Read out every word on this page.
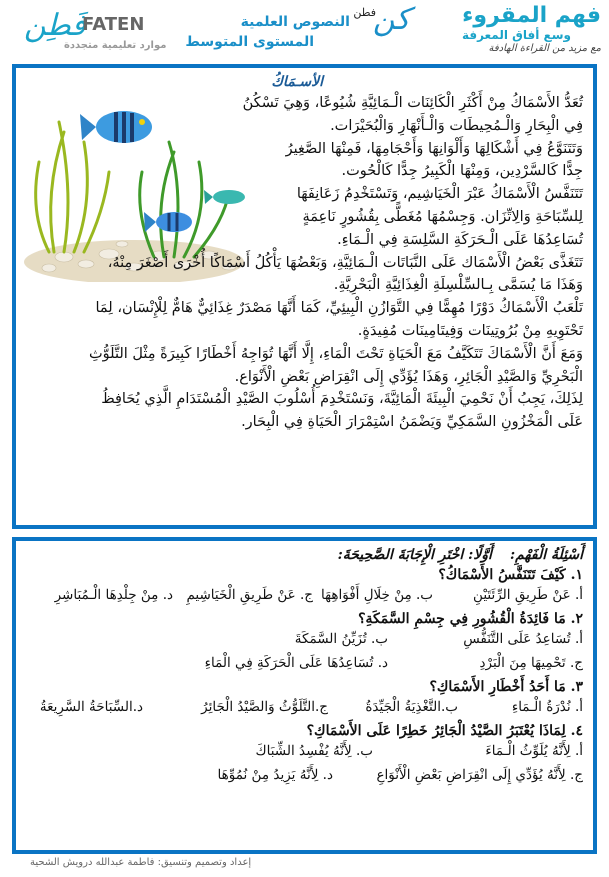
فهم المقروء
وسع أفاق المعرفة
مع مزيد من القراءة الهادفة
كن
فطن
النصوص العلمية
المستوى المتوسط
فَطِن
FATEN
موارد تعليمية متجددة
الأسـمَاكُ
تُعَدُّ الأَسْمَاكُ مِنْ أَكْثَرِ الْكَائِنَات الْـمَائِيَّةِ شُيُوعًا، وَهِيَ تَسْكُنُ
فِي الْبِحَارِ وَالْـمُحِيطَات وَالْـأَنْهَارِ وَالْبُحَيْرَات.
وَتَتَنَوَّعُ فِي أَشْكَالِهَا وَأَلْوَانِهَا وَأَحْجَامِهَا، فَمِنْهَا الصَّغِيرُ
جِدًّا كَالسَّرْدِين، وَمِنْهَا الْكَبِيرُ جِدًّا كَالْحُوت.
تَتَنَفَّسُ الْأَسْمَاكُ عَبْرَ الْخَيَاشِيم، وَتَسْتَخْدِمُ زَعَانِفَهَا
لِلسِّبَاحَةِ وَالِاتِّزَان. وَجِسْمُهَا مُغَطًّى بِقُشُورٍ نَاعِمَةٍ
تُسَاعِدُهَا عَلَى الْـحَرَكَةِ السَّلِسَةِ فِي الْـمَاءِ.
تَتَغَذَّى بَعْضُ الْأَسْمَاك عَلَى النَّبَاتَات الْـمَائِيَّةِ، وَبَعْضُهَا يَأْكُلُ أَسْمَاكًا أُخْرَى أَصْغَرَ مِنْهُ،
وَهَذَا مَا يُسَمَّى بِـالسِّلْسِلَةِ الْغِذَائِيَّةِ الْبَحْرِيَّةِ.
تَلْعَبُ الْأَسْمَاكُ دَوْرًا مُهِمًّا فِي التَّوَازُنِ الْبِيئِيِّ، كَمَا أَنَّهَا مَصْدَرٌ غِذَائِيٌّ هَامٌّ لِلْإِنْسَان، لِمَا
تَحْتَوِيهِ مِنْ بُرُوتِينَات وَفِيتَامِينَات مُفِيدَةٍ.
وَمَعَ أَنَّ الْأَسْمَاكَ تَتَكَيَّفُ مَعَ الْحَيَاةِ تَحْتَ الْمَاءِ، إِلَّا أَنَّهَا تُوَاجِهُ أَخْطَارًا كَبِيرَةً مِثْلَ التَّلَوُّثِ
الْبَحْرِيِّ وَالصَّيْدِ الْجَائِرِ، وَهَذَا يُؤَدِّي إِلَى انْقِرَاضِ بَعْضِ الْأَنْوَاع.
لِذَلِكَ، يَجِبُ أَنْ نَحْمِيَ الْبِيئَةَ الْمَائِيَّةَ، وَنَسْتَخْدِمَ أُسْلُوبَ الصَّيْدِ الْمُسْتَدَامِ الَّذِي يُحَافِظُ
عَلَى الْمَخْزُونِ السَّمَكِيِّ وَيَضْمَنُ اسْتِمْرَارَ الْحَيَاةِ فِي الْبِحَار.
أَسْئِلَةُ الْفَهْمِ:أَوَّلًا: اخْتَرِ الْإِجَابَةَ الصَّحِيحَةَ:
١. كَيْفَ تَتَنَفَّسُ الأَسْمَاكُ؟
أ. عَنْ طَرِيقِ الرِّئَتَيْنِ
ب. مِنْ خِلَالِ أَفْوَاهِهَا
ج. عَنْ طَرِيقِ الْخَيَاشِيمِ
د. مِنْ جِلْدِهَا الْـمُبَاشِرِ
٢. مَا فَائِدَةُ الْقُشُورِ فِي جِسْمِ السَّمَكَةِ؟
أ. تُسَاعِدُ عَلَى التَّنَفُّسِ
ب. تُزَيِّنُ السَّمَكَةَ
ج. تَحْمِيهَا مِنَ الْبَرْدِ
د. تُسَاعِدُهَا عَلَى الْحَرَكَةِ فِي الْمَاءِ
٣. مَا أَحَدُ أَخْطَارِ الأَسْمَاكِ؟
أ. نُدْرَةُ الْـمَاءِ
ب.التَّغْذِيَةُ الْجَيِّدَةُ
ج.التَّلَوُّثُ وَالصَّيْدُ الْجَائِرُ
د.السِّبَاحَةُ السَّرِيعَةُ
٤. لِمَاذَا يُعْتَبَرُ الصَّيْدُ الْجَائِرُ خَطِرًا عَلَى الأَسْمَاكِ؟
أ. لِأَنَّهُ يُلَوِّثُ الْـمَاءَ
ب. لِأَنَّهُ يُفْسِدُ الشِّبَاكَ
ج. لِأَنَّهُ يُؤَدِّي إِلَى انْقِرَاضِ بَعْضِ الْأَنْوَاعِ
د. لِأَنَّهُ يَزِيدُ مِنْ نُمُوِّهَا
إعداد وتصميم وتنسيق: فاطمة عبدالله درويش الشحية
